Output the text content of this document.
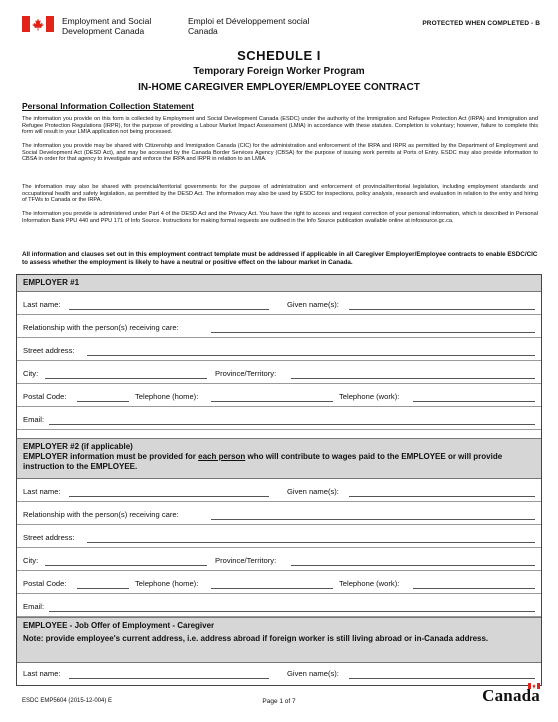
Employment and Social Development Canada
Emploi et Développement social Canada
PROTECTED WHEN COMPLETED - B
SCHEDULE I
Temporary Foreign Worker Program
IN-HOME CAREGIVER EMPLOYER/EMPLOYEE CONTRACT
Personal Information Collection Statement
The information you provide on this form is collected by Employment and Social Development Canada (ESDC) under the authority of the Immigration and Refugee Protection Act (IRPA) and Immigration and Refugee Protection Regulations (IRPR), for the purpose of providing a Labour Market Impact Assessment (LMIA) in accordance with these statutes. Completion is voluntary; however, failure to complete this form will result in your LMIA application not being processed.
The information you provide may be shared with Citizenship and Immigration Canada (CIC) for the administration and enforcement of the IRPA and IRPR as permitted by the Department of Employment and Social Development Act (DESD Act), and may be accessed by the Canada Border Services Agency (CBSA) for the purpose of issuing work permits at Ports of Entry. ESDC may also provide information to CBSA in order for that agency to investigate and enforce the IRPA and IRPR in relation to an LMIA.
The information may also be shared with provincial/territorial governments for the purpose of administration and enforcement of provincial/territorial legislation, including employment standards and occupational health and safety legislation, as permitted by the DESD Act. The information may also be used by ESDC for inspections, policy analysis, research and evaluation in relation to the entry and hiring of TFWs to Canada or the IRPA.
The information you provide is administered under Part 4 of the DESD Act and the Privacy Act. You have the right to access and request correction of your personal information, which is described in Personal Information Bank PPU 440 and PPU 171 of Info Source. Instructions for making formal requests are outlined in the Info Source publication available online at infosource.gc.ca.
All information and clauses set out in this employment contract template must be addressed if applicable in all Caregiver Employer/Employee contracts to enable ESDC/CIC to assess whether the employment is likely to have a neutral or positive effect on the labour market in Canada.
EMPLOYER #1
Last name:	Given name(s):
Relationship with the person(s) receiving care:
Street address:
City:	Province/Territory:
Postal Code:	Telephone (home):	Telephone (work):
Email:
EMPLOYER #2 (if applicable)
EMPLOYER information must be provided for each person who will contribute to wages paid to the EMPLOYEE or will provide instruction to the EMPLOYEE.
Last name:	Given name(s):
Relationship with the person(s) receiving care:
Street address:
City:	Province/Territory:
Postal Code:	Telephone (home):	Telephone (work):
Email:
EMPLOYEE - Job Offer of Employment - Caregiver
Note: provide employee's current address, i.e. address abroad if foreign worker is still living abroad or in-Canada address.
Last name:	Given name(s):
ESDC EMP5604 (2015-12-004) E	Page 1 of 7	Canada
